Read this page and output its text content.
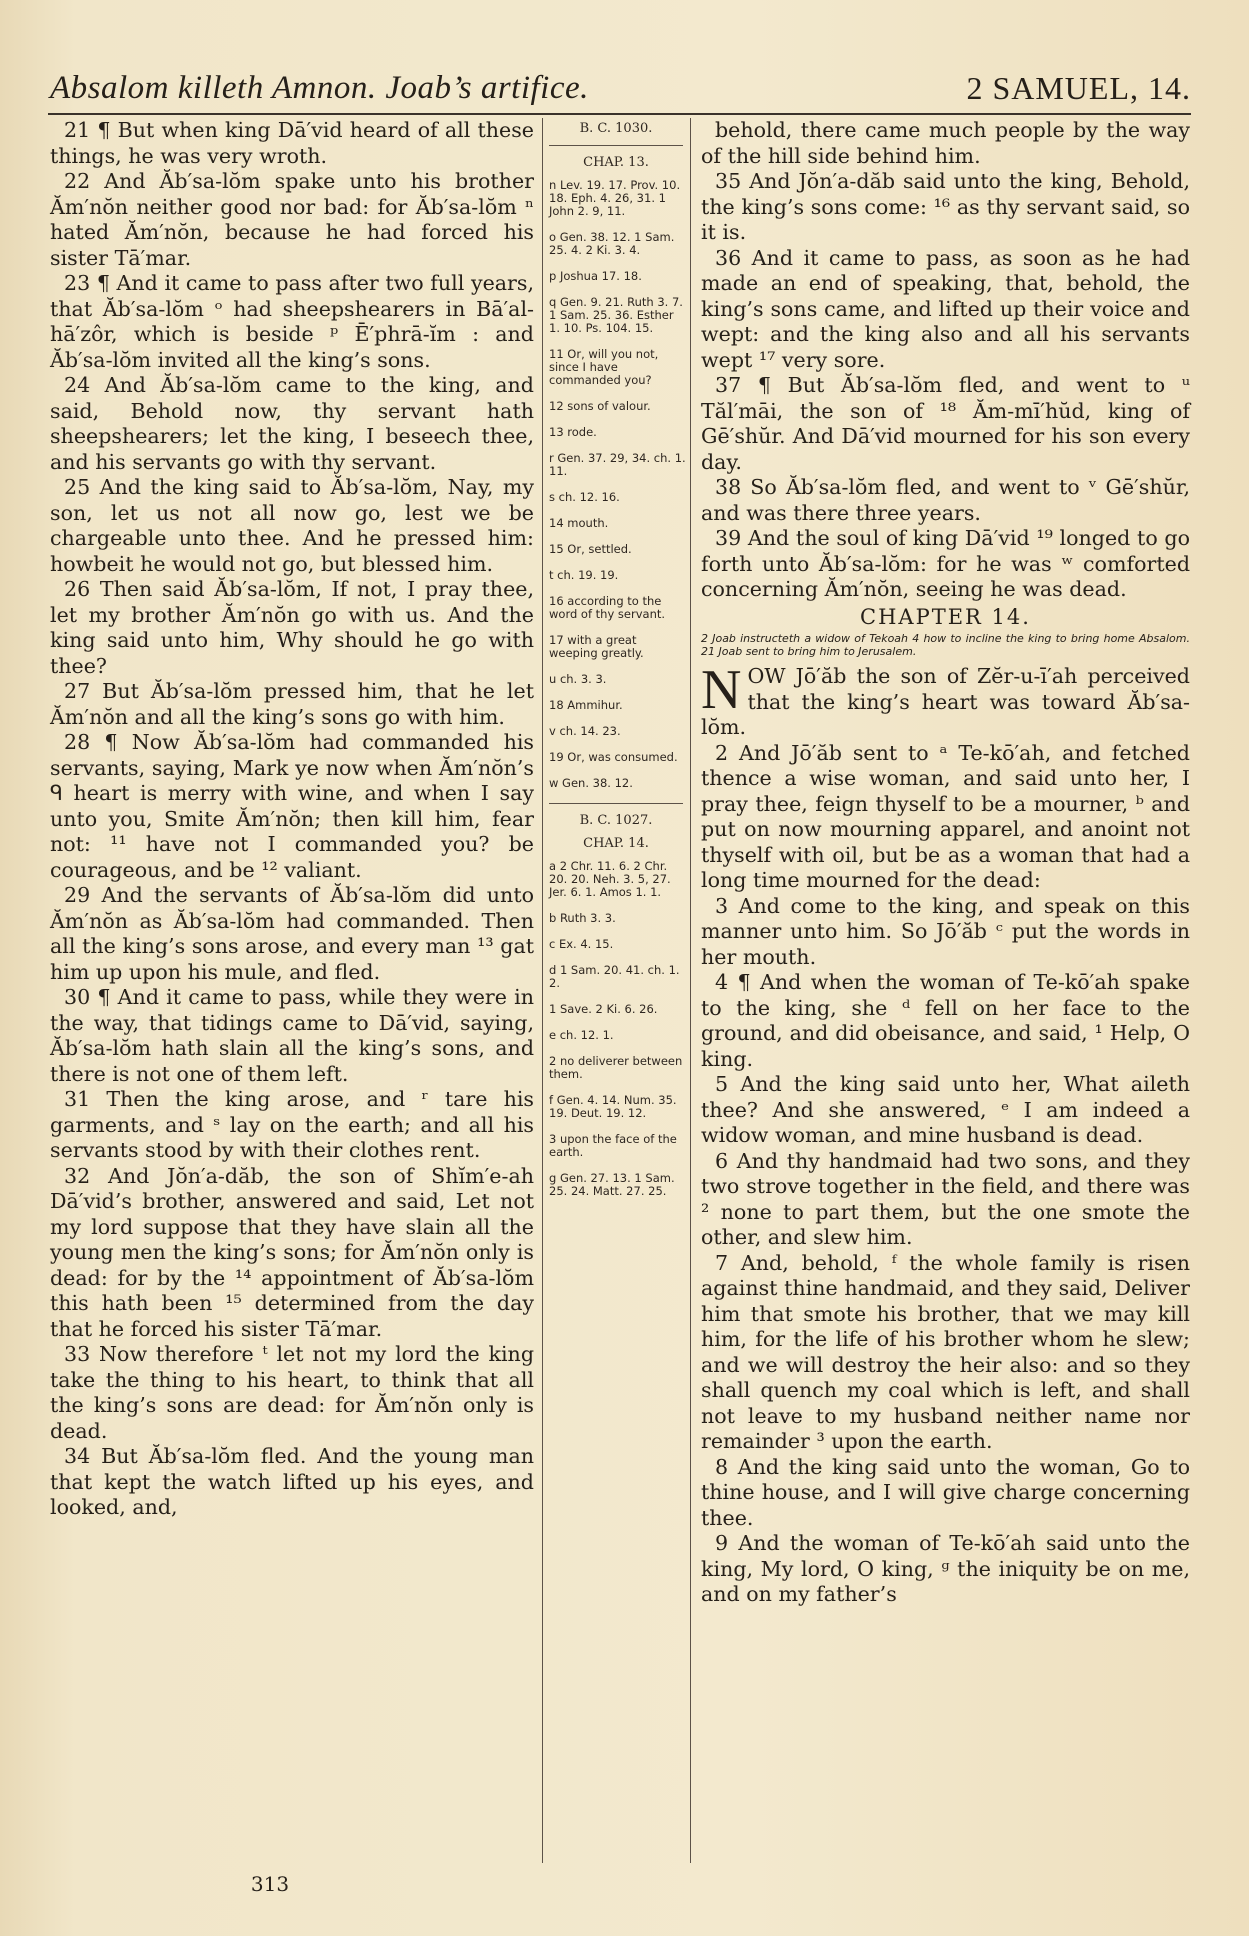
Absalom killeth Amnon. Joab’s artifice.	2 SAMUEL, 14.

21 ¶ But when king Dā′vid heard of all these things, he was very wroth.

22 And Ăb′sa-lŏm spake unto his brother Ăm′nŏn neither good nor bad: for Ăb′sa-lŏm ⁿ hated Ăm′nŏn, because he had forced his sister Tā′mar.

23 ¶ And it came to pass after two full years, that Ăb′sa-lŏm ᵒ had sheepshearers in Bā′al-hā′zôr, which is beside ᵖ Ē′phrā-ĭm : and Ăb′sa-lŏm invited all the king’s sons.

24 And Ăb′sa-lŏm came to the king, and said, Behold now, thy servant hath sheepshearers; let the king, I beseech thee, and his servants go with thy servant.

25 And the king said to Ăb′sa-lŏm, Nay, my son, let us not all now go, lest we be chargeable unto thee. And he pressed him: howbeit he would not go, but blessed him.

26 Then said Ăb′sa-lŏm, If not, I pray thee, let my brother Ăm′nŏn go with us. And the king said unto him, Why should he go with thee?

27 But Ăb′sa-lŏm pressed him, that he let Ăm′nŏn and all the king’s sons go with him.

28 ¶ Now Ăb′sa-lŏm had commanded his servants, saying, Mark ye now when Ăm′nŏn’s ᑫ heart is merry with wine, and when I say unto you, Smite Ăm′nŏn; then kill him, fear not: ¹¹ have not I commanded you? be courageous, and be ¹² valiant.

29 And the servants of Ăb′sa-lŏm did unto Ăm′nŏn as Ăb′sa-lŏm had commanded. Then all the king’s sons arose, and every man ¹³ gat him up upon his mule, and fled.

30 ¶ And it came to pass, while they were in the way, that tidings came to Dā′vid, saying, Ăb′sa-lŏm hath slain all the king’s sons, and there is not one of them left.

31 Then the king arose, and ʳ tare his garments, and ˢ lay on the earth; and all his servants stood by with their clothes rent.

32 And Jŏn′a-dăb, the son of Shĭm′e-ah Dā′vid’s brother, answered and said, Let not my lord suppose that they have slain all the young men the king’s sons; for Ăm′nŏn only is dead: for by the ¹⁴ appointment of Ăb′sa-lŏm this hath been ¹⁵ determined from the day that he forced his sister Tā′mar.

33 Now therefore ᵗ let not my lord the king take the thing to his heart, to think that all the king’s sons are dead: for Ăm′nŏn only is dead.

34 But Ăb′sa-lŏm fled. And the young man that kept the watch lifted up his eyes, and looked, and,

B. C. 1030.
CHAP. 13.
n Lev. 19. 17. Prov. 10. 18. Eph. 4. 26, 31. 1 John 2. 9, 11.
o Gen. 38. 12. 1 Sam. 25. 4. 2 Ki. 3. 4.
p Joshua 17. 18.
q Gen. 9. 21. Ruth 3. 7. 1 Sam. 25. 36. Esther 1. 10. Ps. 104. 15.
11 Or, will you not, since I have commanded you?
12 sons of valour.
13 rode.
r Gen. 37. 29, 34. ch. 1. 11.
s ch. 12. 16.
14 mouth.
15 Or, settled.
t ch. 19. 19.
16 according to the word of thy servant.
17 with a great weeping greatly.
u ch. 3. 3.
18 Ammihur.
v ch. 14. 23.
19 Or, was consumed.
w Gen. 38. 12.
B. C. 1027.
CHAP. 14.
a 2 Chr. 11. 6. 2 Chr. 20. 20. Neh. 3. 5, 27. Jer. 6. 1. Amos 1. 1.
b Ruth 3. 3.
c Ex. 4. 15.
d 1 Sam. 20. 41. ch. 1. 2.
1 Save. 2 Ki. 6. 26.
e ch. 12. 1.
2 no deliverer between them.
f Gen. 4. 14. Num. 35. 19. Deut. 19. 12.
3 upon the face of the earth.
g Gen. 27. 13. 1 Sam. 25. 24. Matt. 27. 25.

behold, there came much people by the way of the hill side behind him.

35 And Jŏn′a-dăb said unto the king, Behold, the king’s sons come: ¹⁶ as thy servant said, so it is.

36 And it came to pass, as soon as he had made an end of speaking, that, behold, the king’s sons came, and lifted up their voice and wept: and the king also and all his servants wept ¹⁷ very sore.

37 ¶ But Ăb′sa-lŏm fled, and went to ᵘ Tăl′māi, the son of ¹⁸ Ăm-mī′hŭd, king of Gē′shŭr. And Dā′vid mourned for his son every day.

38 So Ăb′sa-lŏm fled, and went to ᵛ Gē′shŭr, and was there three years.

39 And the soul of king Dā′vid ¹⁹ longed to go forth unto Ăb′sa-lŏm: for he was ʷ comforted concerning Ăm′nŏn, seeing he was dead.

CHAPTER 14.
2 Joab instructeth a widow of Tekoah 4 how to incline the king to bring home Absalom. 21 Joab sent to bring him to Jerusalem.

NOW Jō′ăb the son of Zĕr-u-ī′ah perceived that the king’s heart was toward Ăb′sa-lŏm.

2 And Jō′ăb sent to ᵃ Te-kō′ah, and fetched thence a wise woman, and said unto her, I pray thee, feign thyself to be a mourner, ᵇ and put on now mourning apparel, and anoint not thyself with oil, but be as a woman that had a long time mourned for the dead:

3 And come to the king, and speak on this manner unto him. So Jō′ăb ᶜ put the words in her mouth.

4 ¶ And when the woman of Te-kō′ah spake to the king, she ᵈ fell on her face to the ground, and did obeisance, and said, ¹ Help, O king.

5 And the king said unto her, What aileth thee? And she answered, ᵉ I am indeed a widow woman, and mine husband is dead.

6 And thy handmaid had two sons, and they two strove together in the field, and there was ² none to part them, but the one smote the other, and slew him.

7 And, behold, ᶠ the whole family is risen against thine handmaid, and they said, Deliver him that smote his brother, that we may kill him, for the life of his brother whom he slew; and we will destroy the heir also: and so they shall quench my coal which is left, and shall not leave to my husband neither name nor remainder ³ upon the earth.

8 And the king said unto the woman, Go to thine house, and I will give charge concerning thee.

9 And the woman of Te-kō′ah said unto the king, My lord, O king, ᵍ the iniquity be on me, and on my father’s

313
